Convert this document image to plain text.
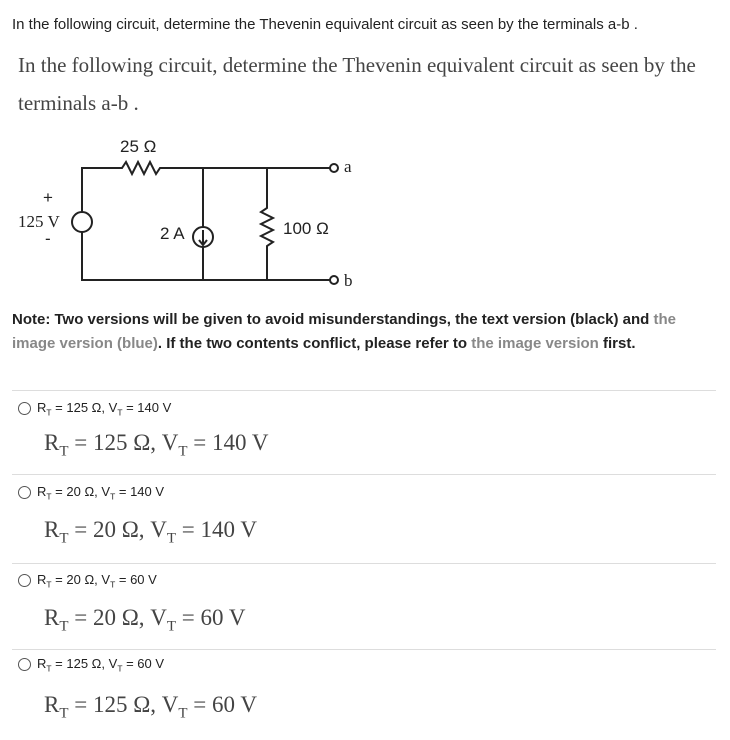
In the following circuit, determine the Thevenin equivalent circuit as seen by the terminals a-b .
In the following circuit, determine the Thevenin equivalent circuit as seen by the
terminals a-b .
25 Ω
+
125 V
-	2 A	100 Ω
a
b
Note: Two versions will be given to avoid misunderstandings, the text version (black) and the image version (blue). If the two contents conflict, please refer to the image version first.
$R_T = 125$ Ω, $V_T = 140$ V
$R_T = 125$ Ω, $V_T = 140$ V
$R_T = 20$ Ω, $V_T = 140$ V
$R_T = 20$ Ω, $V_T = 140$ V
$R_T = 20$ Ω, $V_T = 60$ V
$R_T = 20$ Ω, $V_T = 60$ V
$R_T = 125$ Ω, $V_T = 60$ V
$R_T = 125$ Ω, $V_T = 60$ V
